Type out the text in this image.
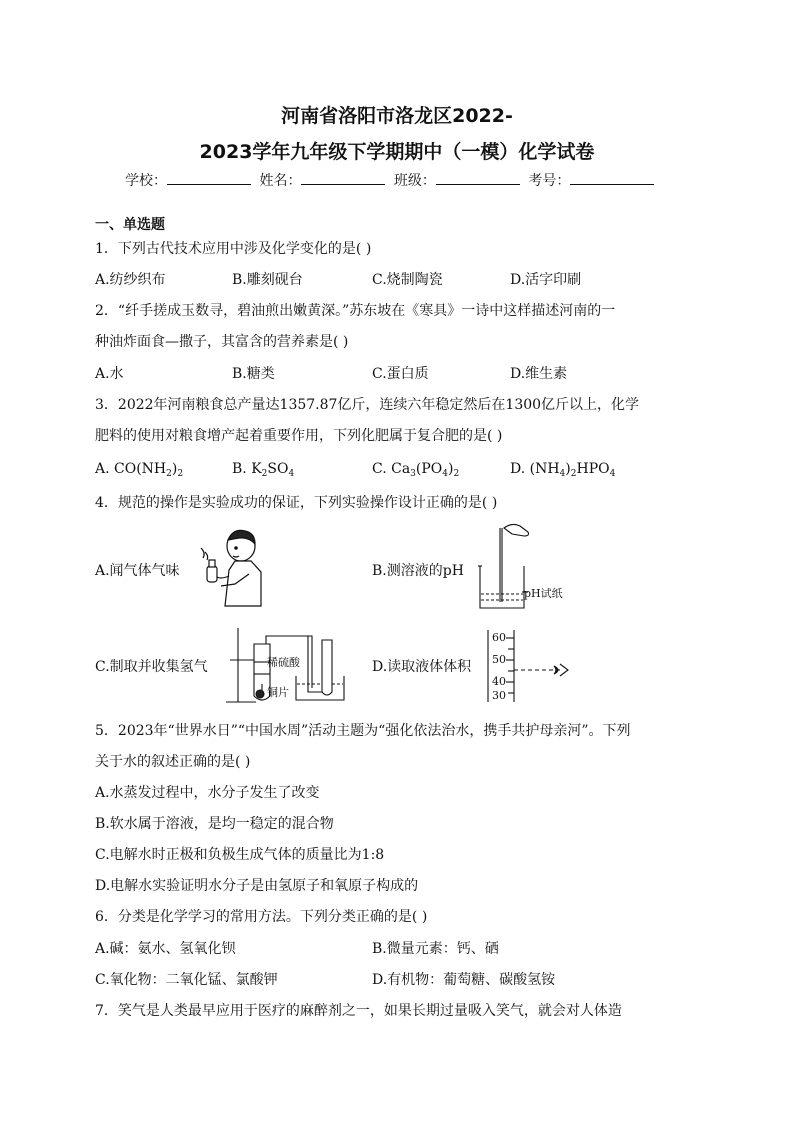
河南省洛阳市洛龙区2022-
2023学年九年级下学期期中（一模）化学试卷
学校：	姓名：	班级：	考号：
一、单选题
1．下列古代技术应用中涉及化学变化的是( )
A.纺纱织布	B.雕刻砚台	C.烧制陶瓷	D.活字印刷
2．“纤手搓成玉数寻，碧油煎出嫩黄深。”苏东坡在《寒具》一诗中这样描述河南的一
种油炸面食—撒子，其富含的营养素是( )
A.水	B.糖类	C.蛋白质	D.维生素
3．2022年河南粮食总产量达1357.87亿斤，连续六年稳定然后在1300亿斤以上，化学
肥料的使用对粮食增产起着重要作用，下列化肥属于复合肥的是( )
A. $CO(NH_2)_2$	B. $K_2SO_4$	C. $Ca_3(PO_4)_2$	D. $(NH_4)_2HPO_4$
4．规范的操作是实验成功的保证，下列实验操作设计正确的是( )
A.闻气体气味	B.测溶液的pH
pH试纸
C.制取并收集氢气	稀硫酸
铜片
D.读取液体体积
60
50
40
30
5．2023年“世界水日”“中国水周”活动主题为“强化依法治水，携手共护母亲河”。下列
关于水的叙述正确的是( )
A.水蒸发过程中，水分子发生了改变
B.软水属于溶液，是均一稳定的混合物
C.电解水时正极和负极生成气体的质量比为1:8
D.电解水实验证明水分子是由氢原子和氧原子构成的
6．分类是化学学习的常用方法。下列分类正确的是( )
A.碱：氨水、氢氧化钡	B.微量元素：钙、硒
C.氧化物：二氧化锰、氯酸钾	D.有机物：葡萄糖、碳酸氢铵
7．笑气是人类最早应用于医疗的麻醉剂之一，如果长期过量吸入笑气，就会对人体造
